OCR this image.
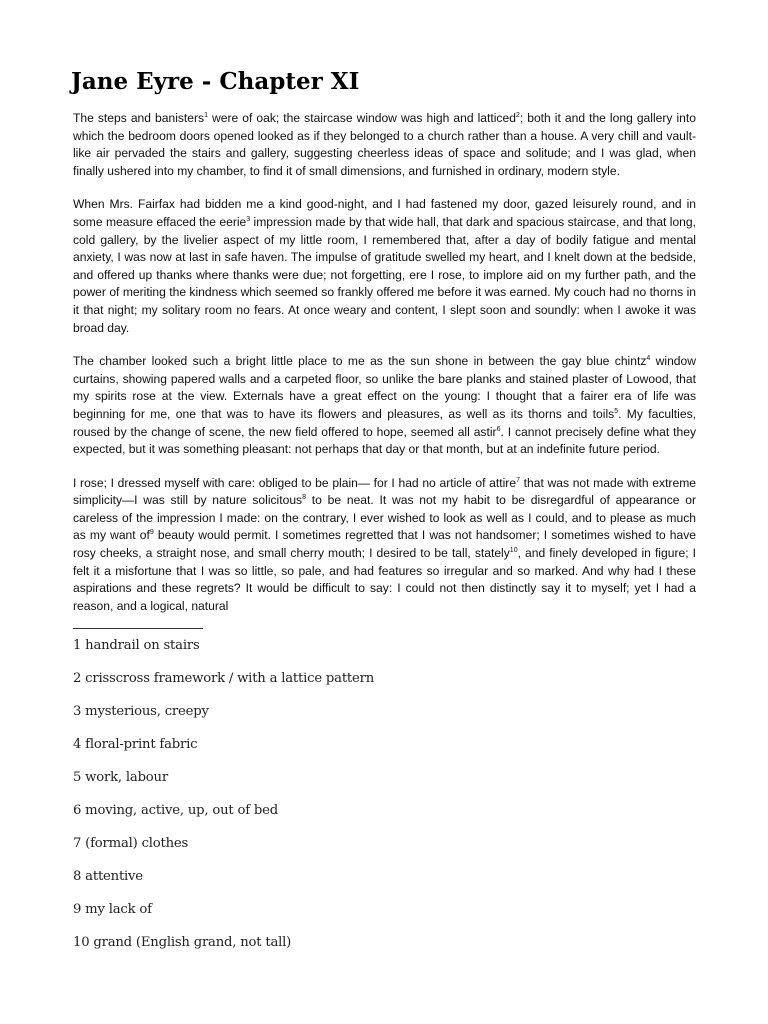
Jane Eyre - Chapter XI

The steps and banisters$^1$ were of oak; the staircase window was high and latticed$^2$; both it and the long gallery into which the bedroom doors opened looked as if they belonged to a church rather than a house. A very chill and vault- like air pervaded the stairs and gallery, suggesting cheerless ideas of space and solitude; and I was glad, when finally ushered into my chamber, to find it of small dimensions, and furnished in ordinary, modern style.

When Mrs. Fairfax had bidden me a kind good-night, and I had fastened my door, gazed leisurely round, and in some measure effaced the eerie$^3$ impression made by that wide hall, that dark and spacious staircase, and that long, cold gallery, by the livelier aspect of my little room, I remembered that, after a day of bodily fatigue and mental anxiety, I was now at last in safe haven. The impulse of gratitude swelled my heart, and I knelt down at the bedside, and offered up thanks where thanks were due; not forgetting, ere I rose, to implore aid on my further path, and the power of meriting the kindness which seemed so frankly offered me before it was earned. My couch had no thorns in it that night; my solitary room no fears. At once weary and content, I slept soon and soundly: when I awoke it was broad day.

The chamber looked such a bright little place to me as the sun shone in between the gay blue chintz$^4$ window curtains, showing papered walls and a carpeted floor, so unlike the bare planks and stained plaster of Lowood, that my spirits rose at the view. Externals have a great effect on the young: I thought that a fairer era of life was beginning for me, one that was to have its flowers and pleasures, as well as its thorns and toils$^5$. My faculties, roused by the change of scene, the new field offered to hope, seemed all astir$^6$. I cannot precisely define what they expected, but it was something pleasant: not perhaps that day or that month, but at an indefinite future period.

I rose; I dressed myself with care: obliged to be plain— for I had no article of attire$^7$ that was not made with extreme simplicity—I was still by nature solicitous$^8$ to be neat. It was not my habit to be disregardful of appearance or careless of the impression I made: on the contrary, I ever wished to look as well as I could, and to please as much as my want $of^9$ beauty would permit. I sometimes regretted that I was not handsomer; I sometimes wished to have rosy cheeks, a straight nose, and small cherry mouth; I desired to be tall, stately$^{10}$, and finely developed in figure; I felt it a misfortune that I was so little, so pale, and had features so irregular and so marked. And why had I these aspirations and these regrets? It would be difficult to say: I could not then distinctly say it to myself; yet I had a reason, and a logical, natural

1 handrail on stairs
2 crisscross framework / with a lattice pattern
3 mysterious, creepy
4 floral-print fabric
5 work, labour
6 moving, active, up, out of bed
7 (formal) clothes
8 attentive
9 my lack of
10 grand (English grand, not tall)
